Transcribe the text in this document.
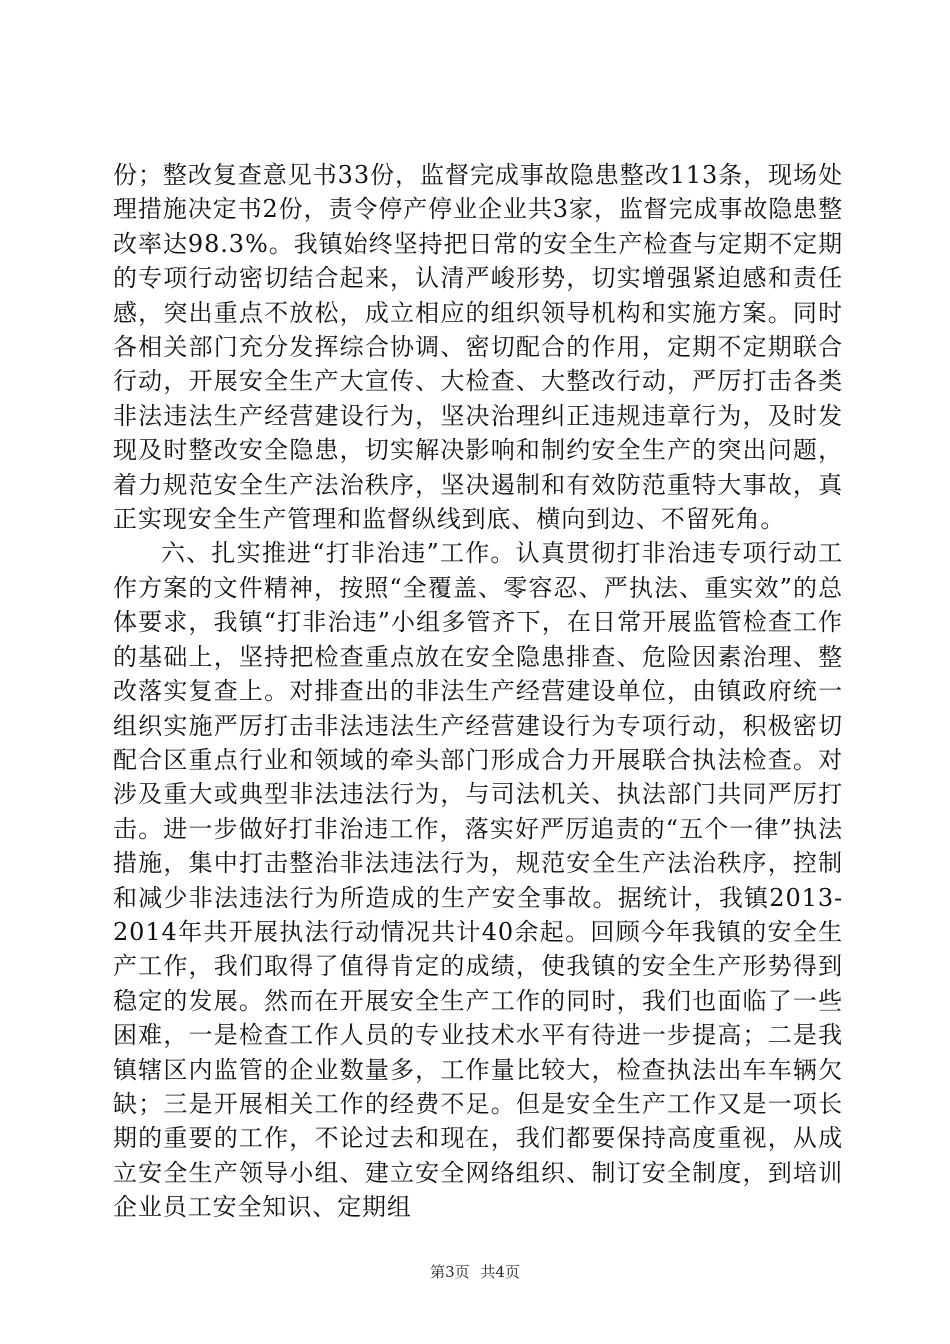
份；整改复查意见书33份，监督完成事故隐患整改113条，现场处理措施决定书2份，责令停产停业企业共3家，监督完成事故隐患整改率达98.3%。我镇始终坚持把日常的安全生产检查与定期不定期的专项行动密切结合起来，认清严峻形势，切实增强紧迫感和责任感，突出重点不放松，成立相应的组织领导机构和实施方案。同时各相关部门充分发挥综合协调、密切配合的作用，定期不定期联合行动，开展安全生产大宣传、大检查、大整改行动，严厉打击各类非法违法生产经营建设行为，坚决治理纠正违规违章行为，及时发现及时整改安全隐患，切实解决影响和制约安全生产的突出问题，着力规范安全生产法治秩序，坚决遏制和有效防范重特大事故，真正实现安全生产管理和监督纵线到底、横向到边、不留死角。

六、扎实推进“打非治违”工作。认真贯彻打非治违专项行动工作方案的文件精神，按照“全覆盖、零容忍、严执法、重实效”的总体要求，我镇“打非治违”小组多管齐下，在日常开展监管检查工作的基础上，坚持把检查重点放在安全隐患排查、危险因素治理、整改落实复查上。对排查出的非法生产经营建设单位，由镇政府统一组织实施严厉打击非法违法生产经营建设行为专项行动，积极密切配合区重点行业和领域的牵头部门形成合力开展联合执法检查。对涉及重大或典型非法违法行为，与司法机关、执法部门共同严厉打击。进一步做好打非治违工作，落实好严厉追责的“五个一律”执法措施，集中打击整治非法违法行为，规范安全生产法治秩序，控制和减少非法违法行为所造成的生产安全事故。据统计，我镇2013-2014年共开展执法行动情况共计40余起。回顾今年我镇的安全生产工作，我们取得了值得肯定的成绩，使我镇的安全生产形势得到稳定的发展。然而在开展安全生产工作的同时，我们也面临了一些困难，一是检查工作人员的专业技术水平有待进一步提高；二是我镇辖区内监管的企业数量多，工作量比较大，检查执法出车车辆欠缺；三是开展相关工作的经费不足。但是安全生产工作又是一项长期的重要的工作，不论过去和现在，我们都要保持高度重视，从成立安全生产领导小组、建立安全网络组织、制订安全制度，到培训企业员工安全知识、定期组

第3页 共4页
